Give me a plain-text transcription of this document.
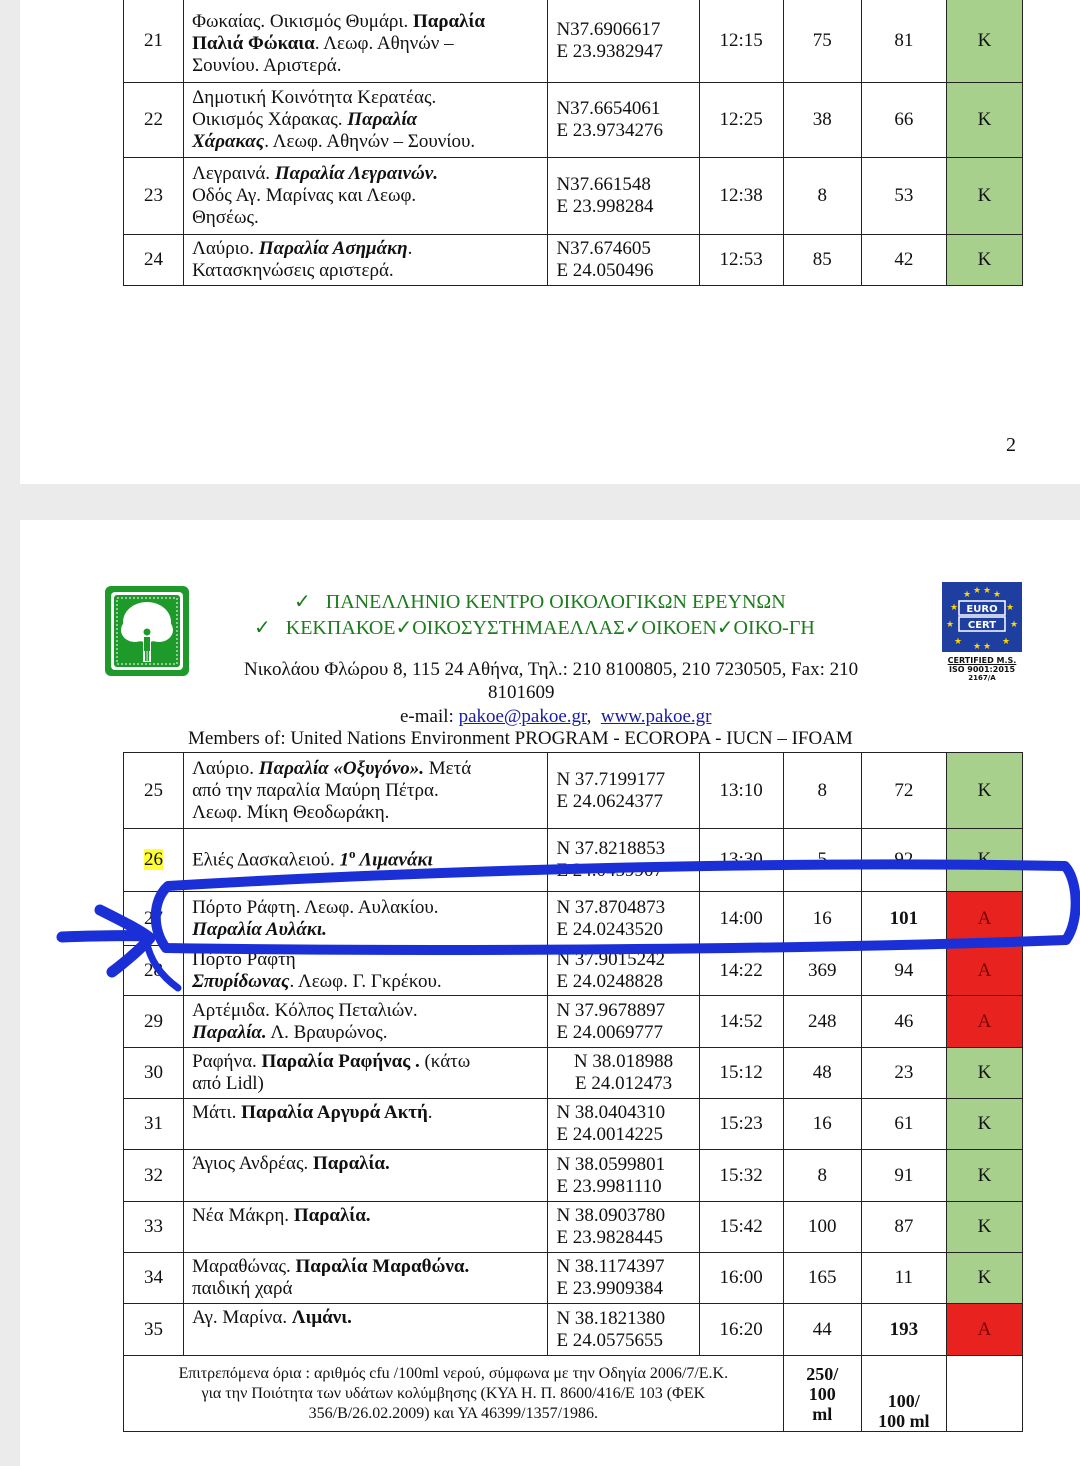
21	Φωκαίας. Οικισμός Θυμάρι. Παραλία
Παλιά Φώκαια. Λεωφ. Αθηνών –
Σουνίου. Αριστερά.	N37.6906617
E 23.9382947	12:15	75	81	K
22	Δημοτική Κοινότητα Κερατέας.
Οικισμός Χάρακας. Παραλία
Χάρακας. Λεωφ. Αθηνών – Σουνίου.	N37.6654061
E 23.9734276	12:25	38	66	K
23	Λεγραινά. Παραλία Λεγραινών.
Οδός Αγ. Μαρίνας και Λεωφ.
Θησέως.	N37.661548
E 23.998284	12:38	8	53	K
24	Λαύριο. Παραλία Ασημάκη.
Κατασκηνώσεις αριστερά.	N37.674605
E 24.050496	12:53	85	42	K
2
✓ ΠΑΝΕΛΛΗΝΙΟ ΚΕΝΤΡΟ ΟΙΚΟΛΟΓΙΚΩΝ ΕΡΕΥΝΩΝ
✓ ΚΕΚΠΑΚΟΕ✓ΟΙΚΟΣΥΣΤΗΜΑΕΛΛΑΣ✓ΟΙΚΟΕΝ✓ΟΙΚΟ-ΓΗ
Νικολάου Φλώρου 8, 115 24 Αθήνα, Τηλ.: 210 8100805, 210 7230505, Fax: 210
8101609
e-mail: pakoe@pakoe.gr,  www.pakoe.gr
Members of: United Nations Environment PROGRAM - ECOROPA - IUCN – IFOAM
★ ★
★ ★
★	★
★	★
★	★
★ ★
EURO
CERT
CERTIFIED M.S.
ISO 9001:2015
2167/A
25	Λαύριο. Παραλία «Οξυγόνο». Μετά
από την παραλία Μαύρη Πέτρα.
Λεωφ. Μίκη Θεοδωράκη.	N 37.7199177
E 24.0624377	13:10	8	72	K
26	Ελιές Δασκαλειού. $1^o$ Λιμανάκι	N 37.8218853
E 24.0459907	13:30	5	92	K
27	Πόρτο Ράφτη. Λεωφ. Αυλακίου.
Παραλία Αυλάκι.	N 37.8704873
E 24.0243520	14:00	16	101	A
28	Πόρτο Ράφτη
Σπυρίδωνας. Λεωφ. Γ. Γκρέκου.	N 37.9015242
E 24.0248828	14:22	369	94	A
29	Αρτέμιδα. Κόλπος Πεταλιών.
Παραλία. Λ. Βραυρώνος.	N 37.9678897
E 24.0069777	14:52	248	46	A
30	Ραφήνα. Παραλία Ραφήνας . (κάτω
από Lidl)	N 38.018988
E 24.012473	15:12	48	23	K
31	Μάτι. Παραλία Αργυρά Ακτή.	N 38.0404310
E 24.0014225	15:23	16	61	K
32	Άγιος Ανδρέας. Παραλία.	N 38.0599801
E 23.9981110	15:32	8	91	K
33	Νέα Μάκρη. Παραλία.	N 38.0903780
E 23.9828445	15:42	100	87	K
34	Μαραθώνας. Παραλία Μαραθώνα.
παιδική χαρά	N 38.1174397
E 23.9909384	16:00	165	11	K
35	Αγ. Μαρίνα. Λιμάνι.	N 38.1821380
E 24.0575655	16:20	44	193	A
Επιτρεπόμενα όρια : αριθμός cfu /100ml νερού, σύμφωνα με την Οδηγία 2006/7/Ε.Κ.
για την Ποιότητα των υδάτων κολύμβησης (ΚΥΑ Η. Π. 8600/416/Ε 103 (ΦΕΚ
356/Β/26.02.2009) και ΥΑ 46399/1357/1986.				250/
100
ml	100/
100 ml	
